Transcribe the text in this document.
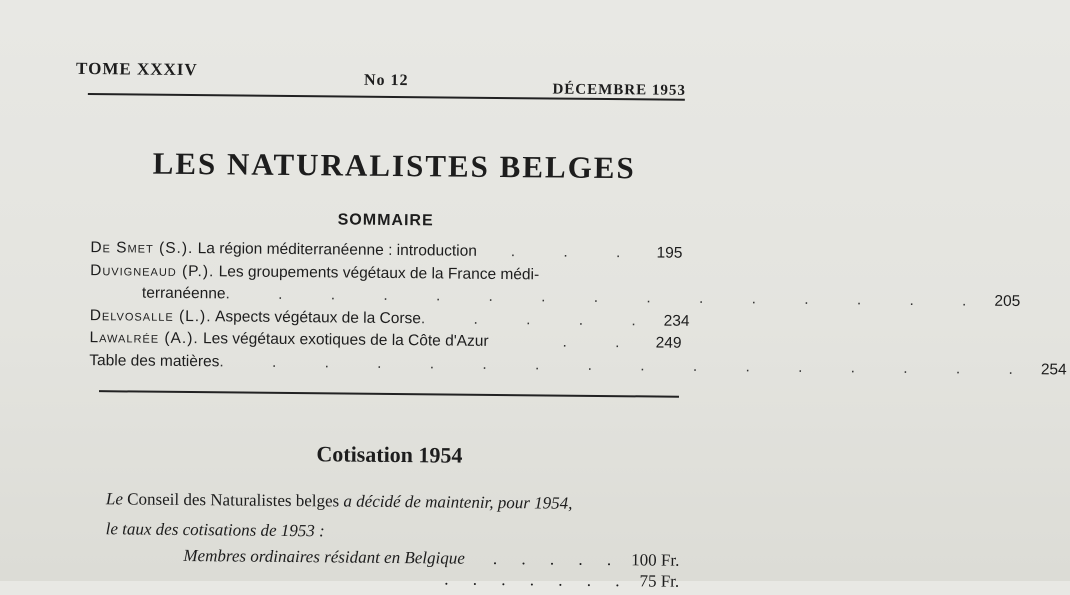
TOME XXXIV
No 12
DÉCEMBRE 1953
LES NATURALISTES BELGES
SOMMAIRE
De Smet (S.). La région méditerranéenne : introduction	. . . 195
Duvigneaud (P.). Les groupements végétaux de la France médi-
terranéenne . . . . . . . . . . . . . . . 205
Delvosalle (L.). Aspects végétaux de la Corse . . . . . 234
Lawalrée (A.). Les végétaux exotiques de la Côte d'Azur	. . 249
Table des matières . . . . . . . . . . . . . . . . 254
Cotisation 1954
Le Conseil des Naturalistes belges a décidé de maintenir, pour 1954,
le taux des cotisations de 1953 :
Membres ordinaires résidant en Belgique	. . . . . 100 Fr.
. . . . . . . 75 Fr.
